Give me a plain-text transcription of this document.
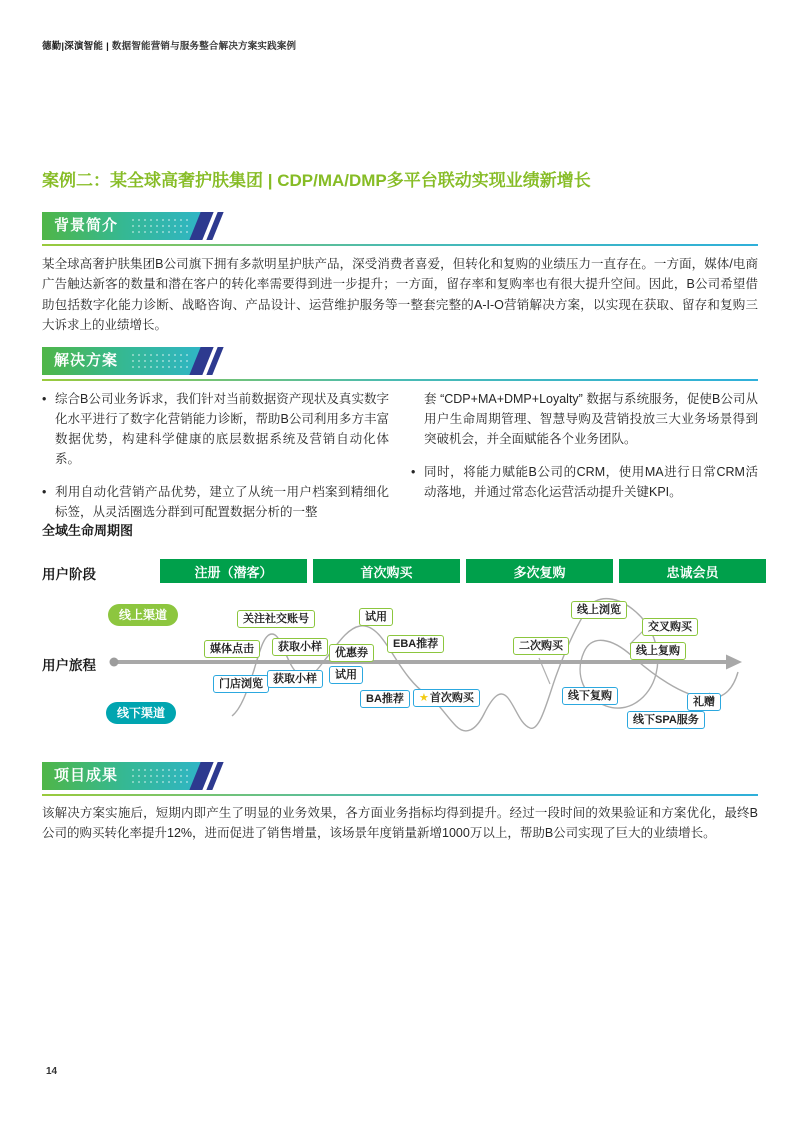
德勤|深演智能 | 数据智能营销与服务整合解决方案实践案例
案例二：某全球高奢护肤集团 | CDP/MA/DMP多平台联动实现业绩新增长
背景简介
某全球高奢护肤集团B公司旗下拥有多款明星护肤产品，深受消费者喜爱，但转化和复购的业绩压力一直存在。一方面，媒体/电商广告触达新客的数量和潜在客户的转化率需要得到进一步提升；一方面，留存率和复购率也有很大提升空间。因此，B公司希望借助包括数字化能力诊断、战略咨询、产品设计、运营维护服务等一整套完整的A-I-O营销解决方案，以实现在获取、留存和复购三大诉求上的业绩增长。
解决方案
• 综合B公司业务诉求，我们针对当前数据资产现状及真实数字化水平进行了数字化营销能力诊断，帮助B公司利用多方丰富数据优势，构建科学健康的底层数据系统及营销自动化体系。
• 利用自动化营销产品优势，建立了从统一用户档案到精细化标签，从灵活圈选分群到可配置数据分析的一整
套 “CDP+MA+DMP+Loyalty” 数据与系统服务，促使B公司从用户生命周期管理、智慧导购及营销投放三大业务场景得到突破机会，并全面赋能各个业务团队。
• 同时，将能力赋能B公司的CRM，使用MA进行日常CRM活动落地，并通过常态化运营活动提升关键KPI。
全域生命周期图
用户阶段	注册（潜客）	首次购买	多次复购	忠诚会员
用户旅程
线上渠道
线下渠道
关注社交账号
媒体点击	获取小样	优惠券
试用
EBA推荐	二次购买
线上浏览
交叉购买
线上复购
门店浏览 获取小样	试用
BA推荐	★首次购买	线下复购	礼赠
线下SPA服务
项目成果
该解决方案实施后，短期内即产生了明显的业务效果，各方面业务指标均得到提升。经过一段时间的效果验证和方案优化，最终B公司的购买转化率提升12%，进而促进了销售增量，该场景年度销量新增1000万以上，帮助B公司实现了巨大的业绩增长。
14
